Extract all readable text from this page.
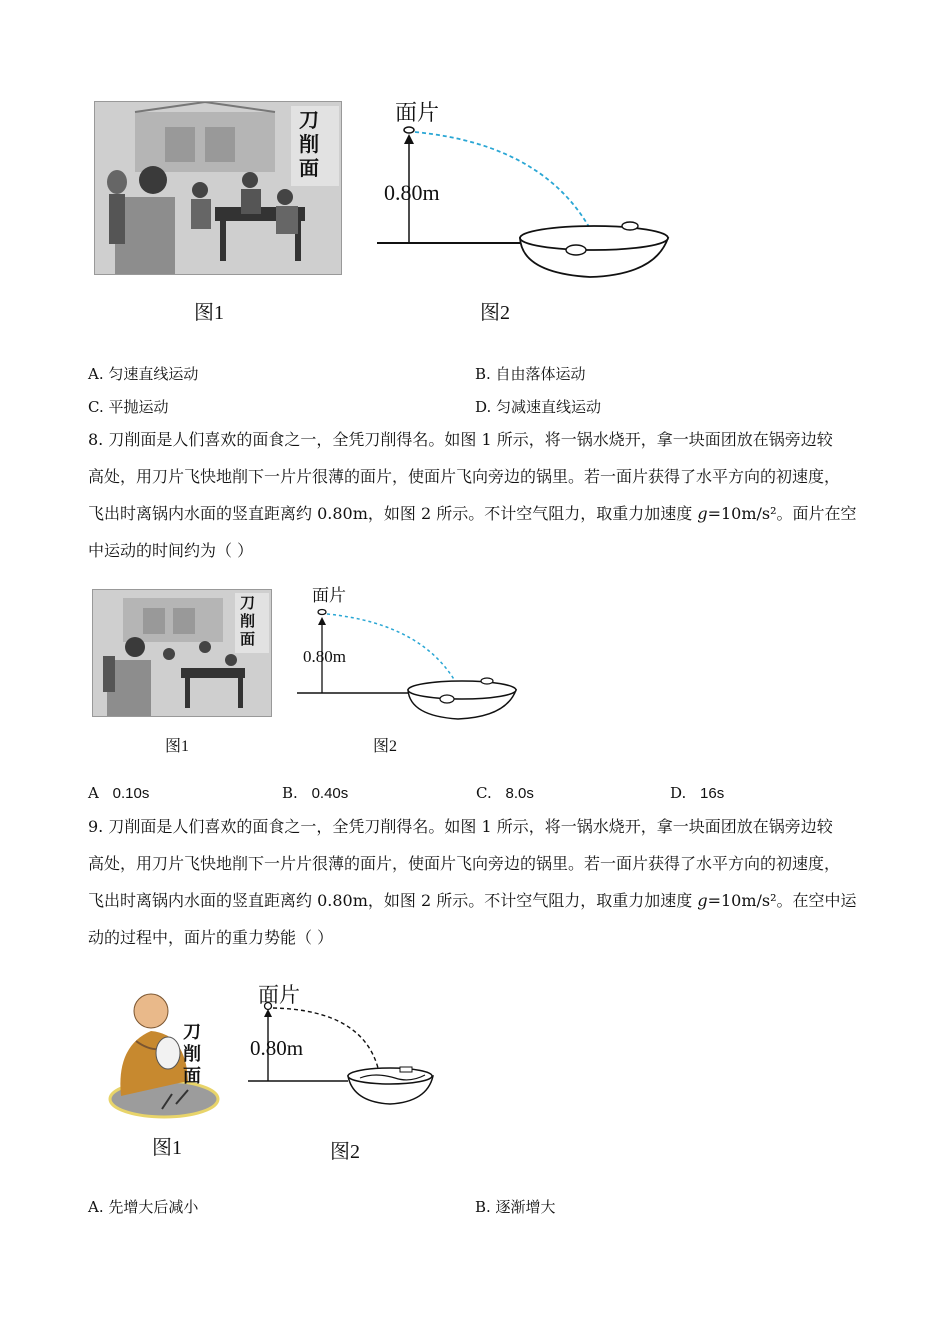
刀削面
图1
面片
0.80m
图2
A. 匀速直线运动	B. 自由落体运动
C. 平抛运动	D. 匀减速直线运动
8. 刀削面是人们喜欢的面食之一，全凭刀削得名。如图 1 所示，将一锅水烧开，拿一块面团放在锅旁边较
高处，用刀片飞快地削下一片片很薄的面片，使面片飞向旁边的锅里。若一面片获得了水平方向的初速度，
飞出时离锅内水面的竖直距离约 0.80m，如图 2 所示。不计空气阻力，取重力加速度 g=10m/s²。面片在空
中运动的时间约为（ ）
刀削面
图1
面片
0.80m
图2
A 0.10s	B. 0.40s	C. 8.0s	D. 16s
9. 刀削面是人们喜欢的面食之一，全凭刀削得名。如图 1 所示，将一锅水烧开，拿一块面团放在锅旁边较
高处，用刀片飞快地削下一片片很薄的面片，使面片飞向旁边的锅里。若一面片获得了水平方向的初速度，
飞出时离锅内水面的竖直距离约 0.80m，如图 2 所示。不计空气阻力，取重力加速度 g=10m/s²。在空中运
动的过程中，面片的重力势能（ ）
刀削面
图1
面片
0.80m
图2
A. 先增大后减小	B. 逐渐增大
